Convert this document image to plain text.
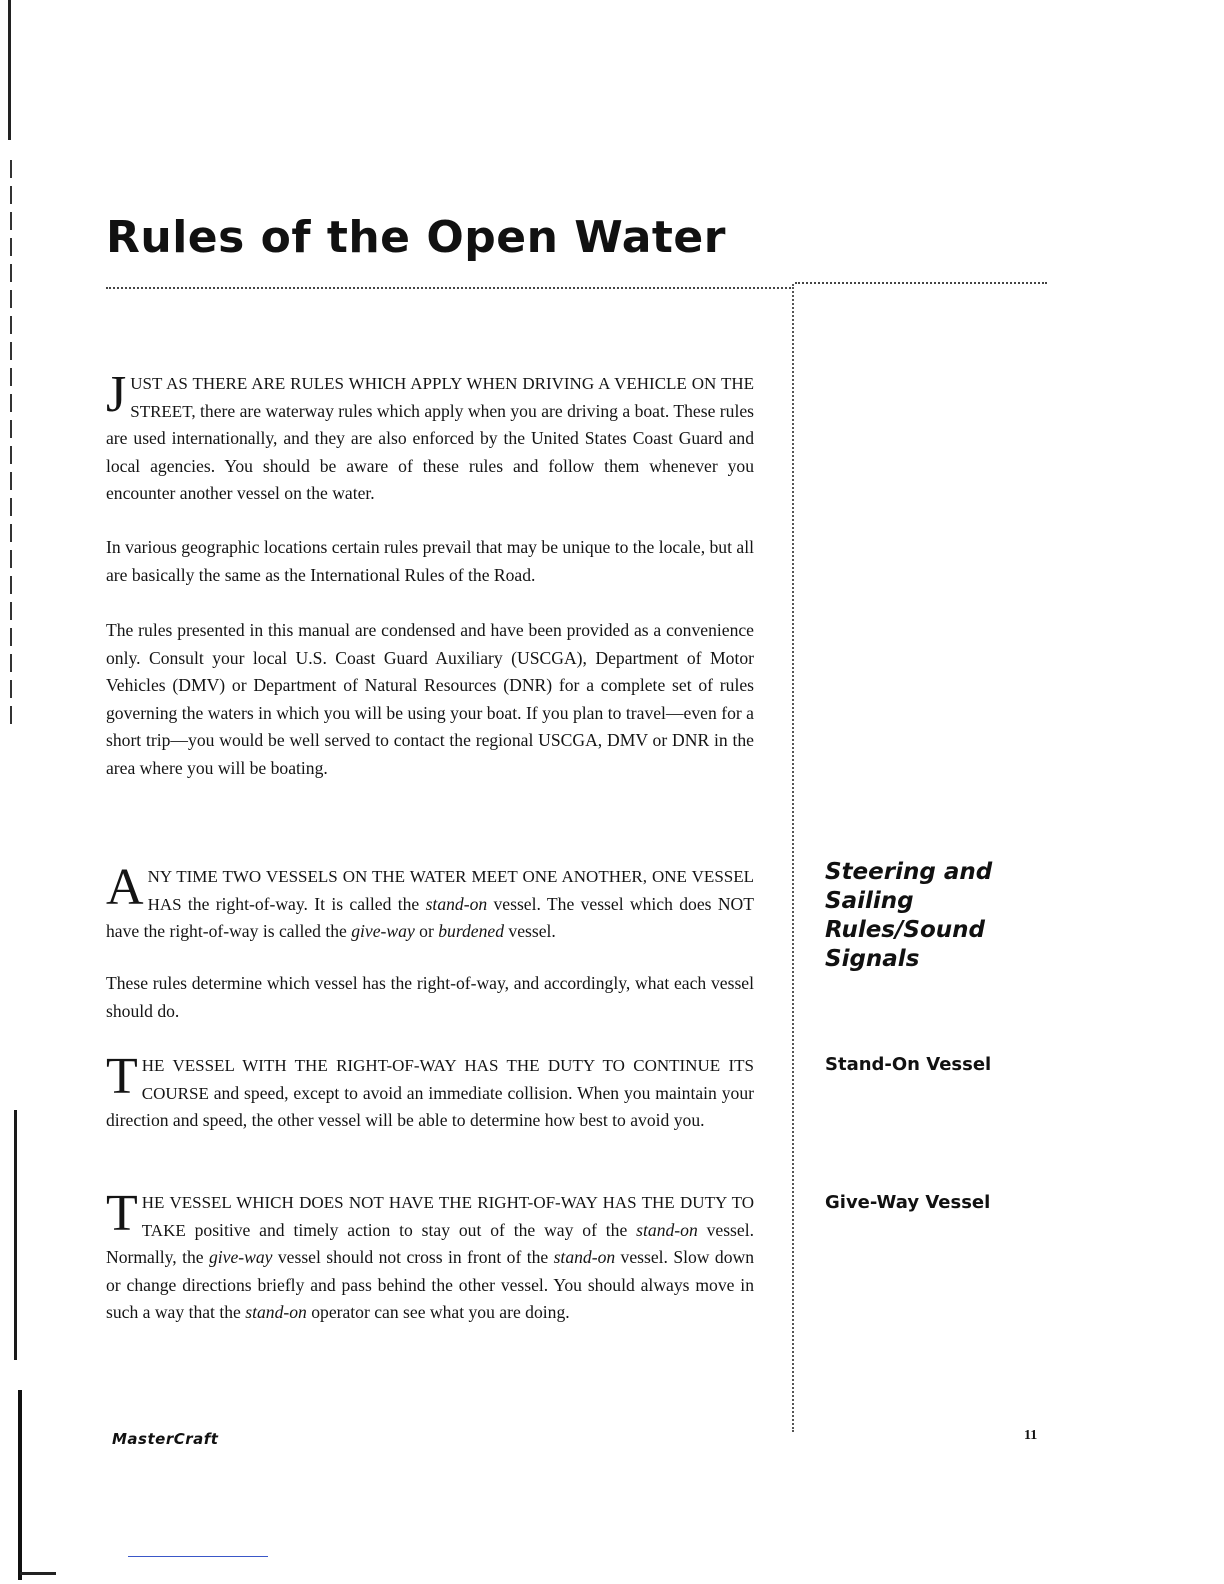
Rules of the Open Water

JUST AS THERE ARE RULES WHICH APPLY WHEN DRIVING A VEHICLE ON THE STREET, there are waterway rules which apply when you are driving a boat. These rules are used internationally, and they are also enforced by the United States Coast Guard and local agencies. You should be aware of these rules and follow them whenever you encounter another vessel on the water.

In various geographic locations certain rules prevail that may be unique to the locale, but all are basically the same as the International Rules of the Road.

The rules presented in this manual are condensed and have been provided as a convenience only. Consult your local U.S. Coast Guard Auxiliary (USCGA), Department of Motor Vehicles (DMV) or Department of Natural Resources (DNR) for a complete set of rules governing the waters in which you will be using your boat. If you plan to travel—even for a short trip—you would be well served to contact the regional USCGA, DMV or DNR in the area where you will be boating.

ANY TIME TWO VESSELS ON THE WATER MEET ONE ANOTHER, ONE VESSEL HAS the right-of-way. It is called the stand-on vessel. The vessel which does NOT have the right-of-way is called the give-way or burdened vessel.

These rules determine which vessel has the right-of-way, and accordingly, what each vessel should do.

THE VESSEL WITH THE RIGHT-OF-WAY HAS THE DUTY TO CONTINUE ITS COURSE and speed, except to avoid an immediate collision. When you maintain your direction and speed, the other vessel will be able to determine how best to avoid you.

THE VESSEL WHICH DOES NOT HAVE THE RIGHT-OF-WAY HAS THE DUTY TO TAKE positive and timely action to stay out of the way of the stand-on vessel. Normally, the give-way vessel should not cross in front of the stand-on vessel. Slow down or change directions briefly and pass behind the other vessel. You should always move in such a way that the stand-on operator can see what you are doing.

Steering and Sailing Rules/Sound Signals
Stand-On Vessel
Give-Way Vessel
MasterCraft	11
